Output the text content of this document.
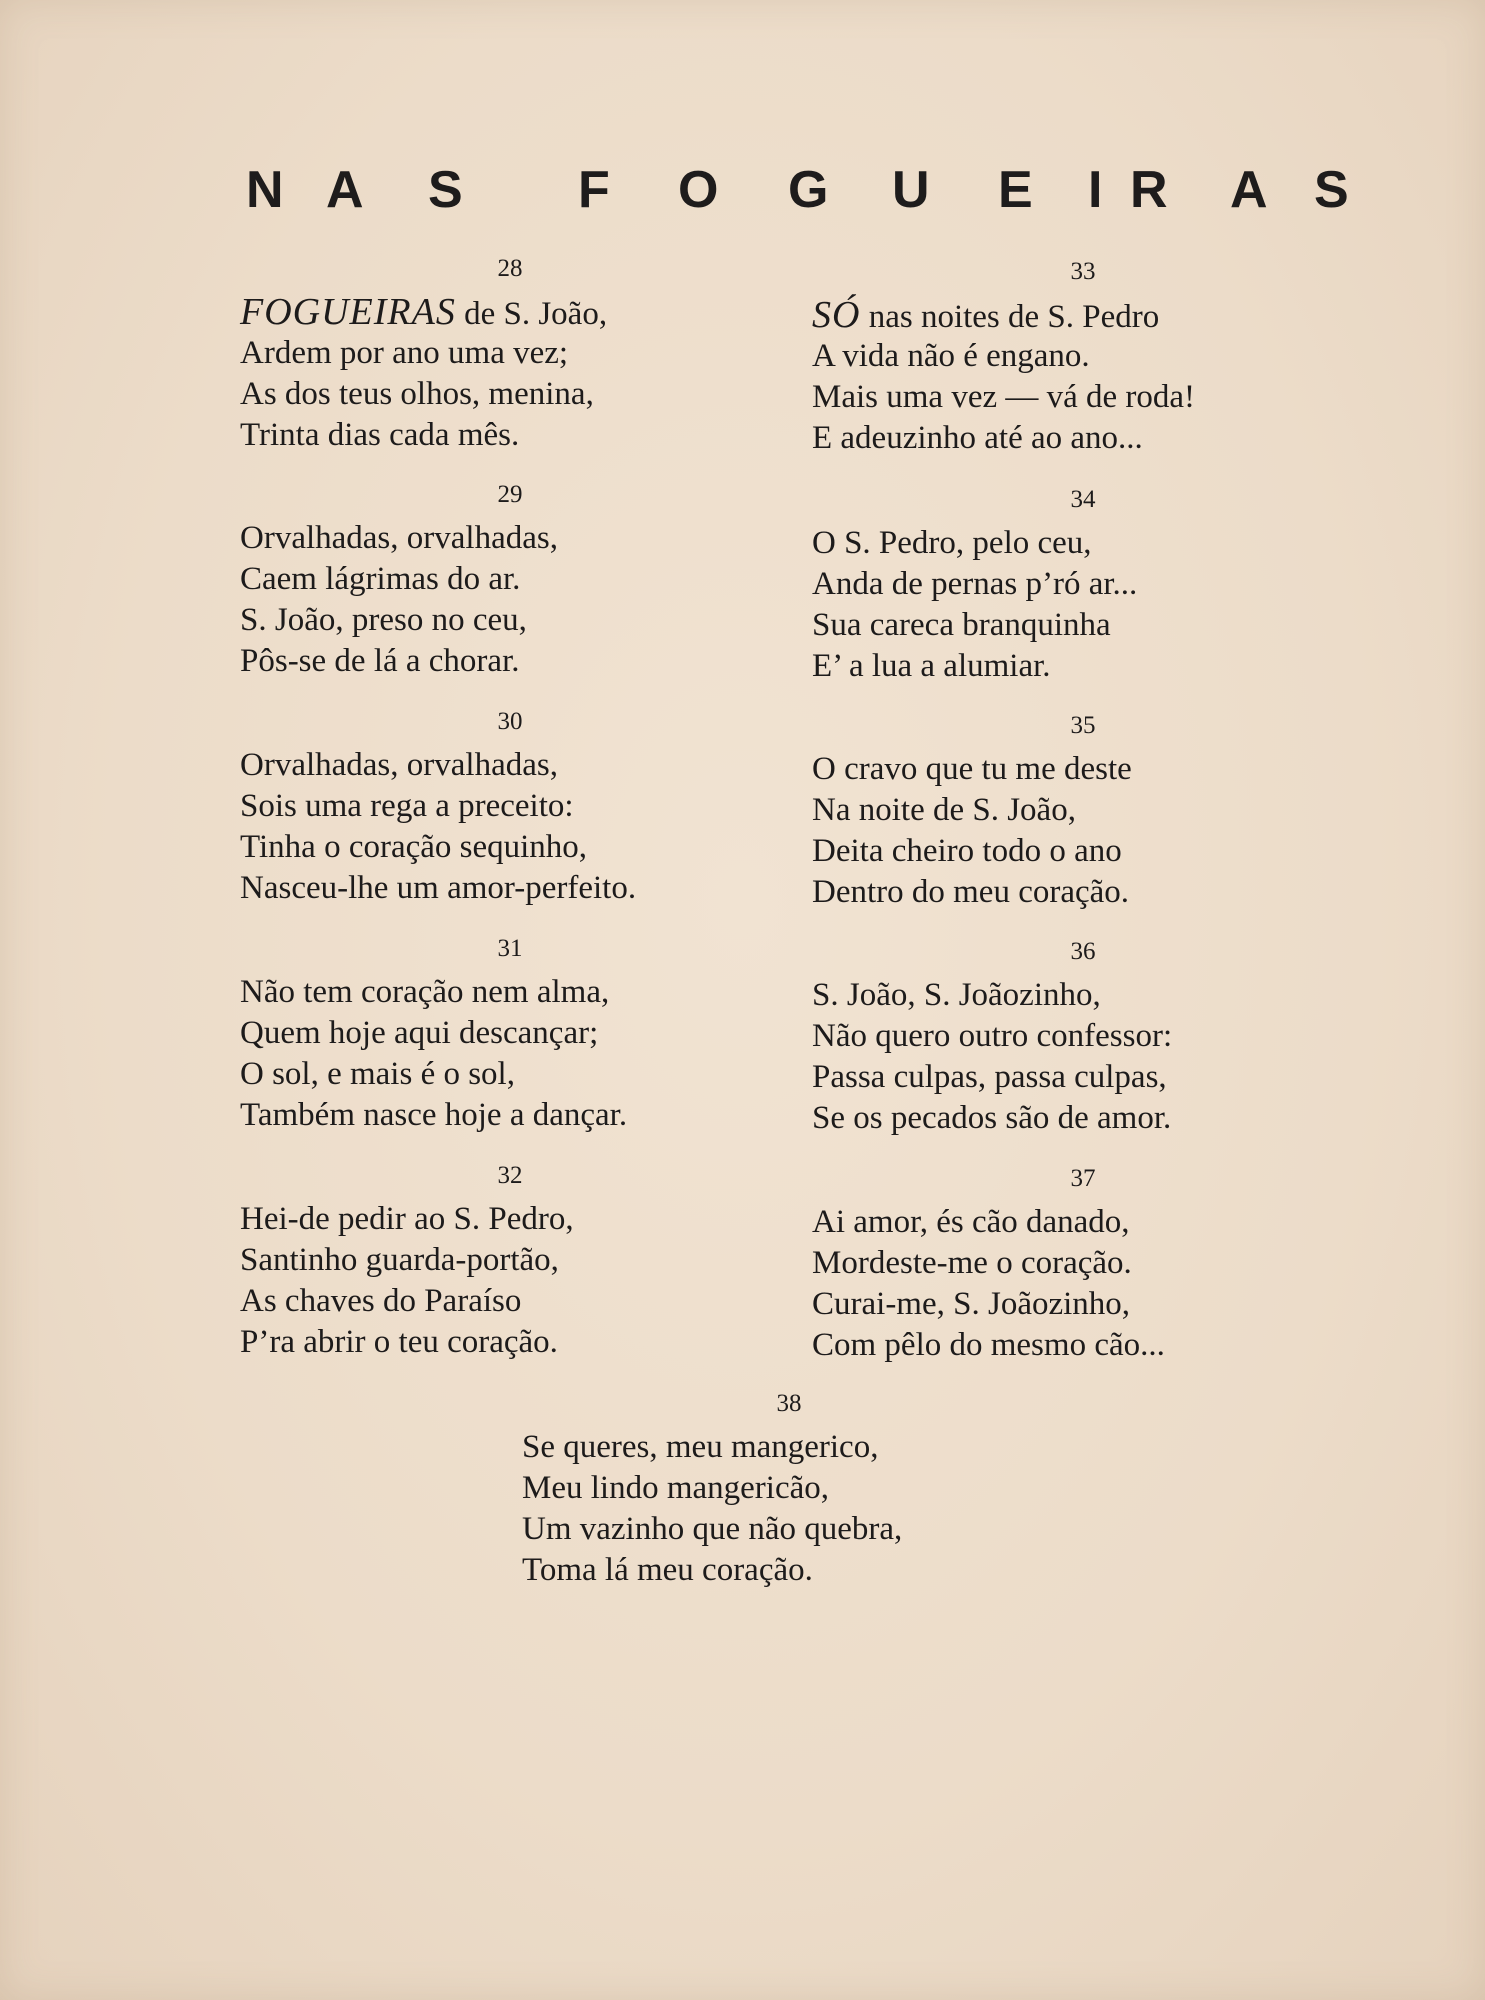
N A S F O G U E I R A S
28
FOGUEIRAS de S. João,
Ardem por ano uma vez;
As dos teus olhos, menina,
Trinta dias cada mês.
29
Orvalhadas, orvalhadas,
Caem lágrimas do ar.
S. João, preso no ceu,
Pôs-se de lá a chorar.
30
Orvalhadas, orvalhadas,
Sois uma rega a preceito:
Tinha o coração sequinho,
Nasceu-lhe um amor-perfeito.
31
Não tem coração nem alma,
Quem hoje aqui descançar;
O sol, e mais é o sol,
Também nasce hoje a dançar.
32
Hei-de pedir ao S. Pedro,
Santinho guarda-portão,
As chaves do Paraíso
P’ra abrir o teu coração.
33
SÓ nas noites de S. Pedro
A vida não é engano.
Mais uma vez — vá de roda!
E adeuzinho até ao ano...
34
O S. Pedro, pelo ceu,
Anda de pernas p’ró ar...
Sua careca branquinha
E’ a lua a alumiar.
35
O cravo que tu me deste
Na noite de S. João,
Deita cheiro todo o ano
Dentro do meu coração.
36
S. João, S. Joãozinho,
Não quero outro confessor:
Passa culpas, passa culpas,
Se os pecados são de amor.
37
Ai amor, és cão danado,
Mordeste-me o coração.
Curai-me, S. Joãozinho,
Com pêlo do mesmo cão...
38
Se queres, meu mangerico,
Meu lindo mangericão,
Um vazinho que não quebra,
Toma lá meu coração.
